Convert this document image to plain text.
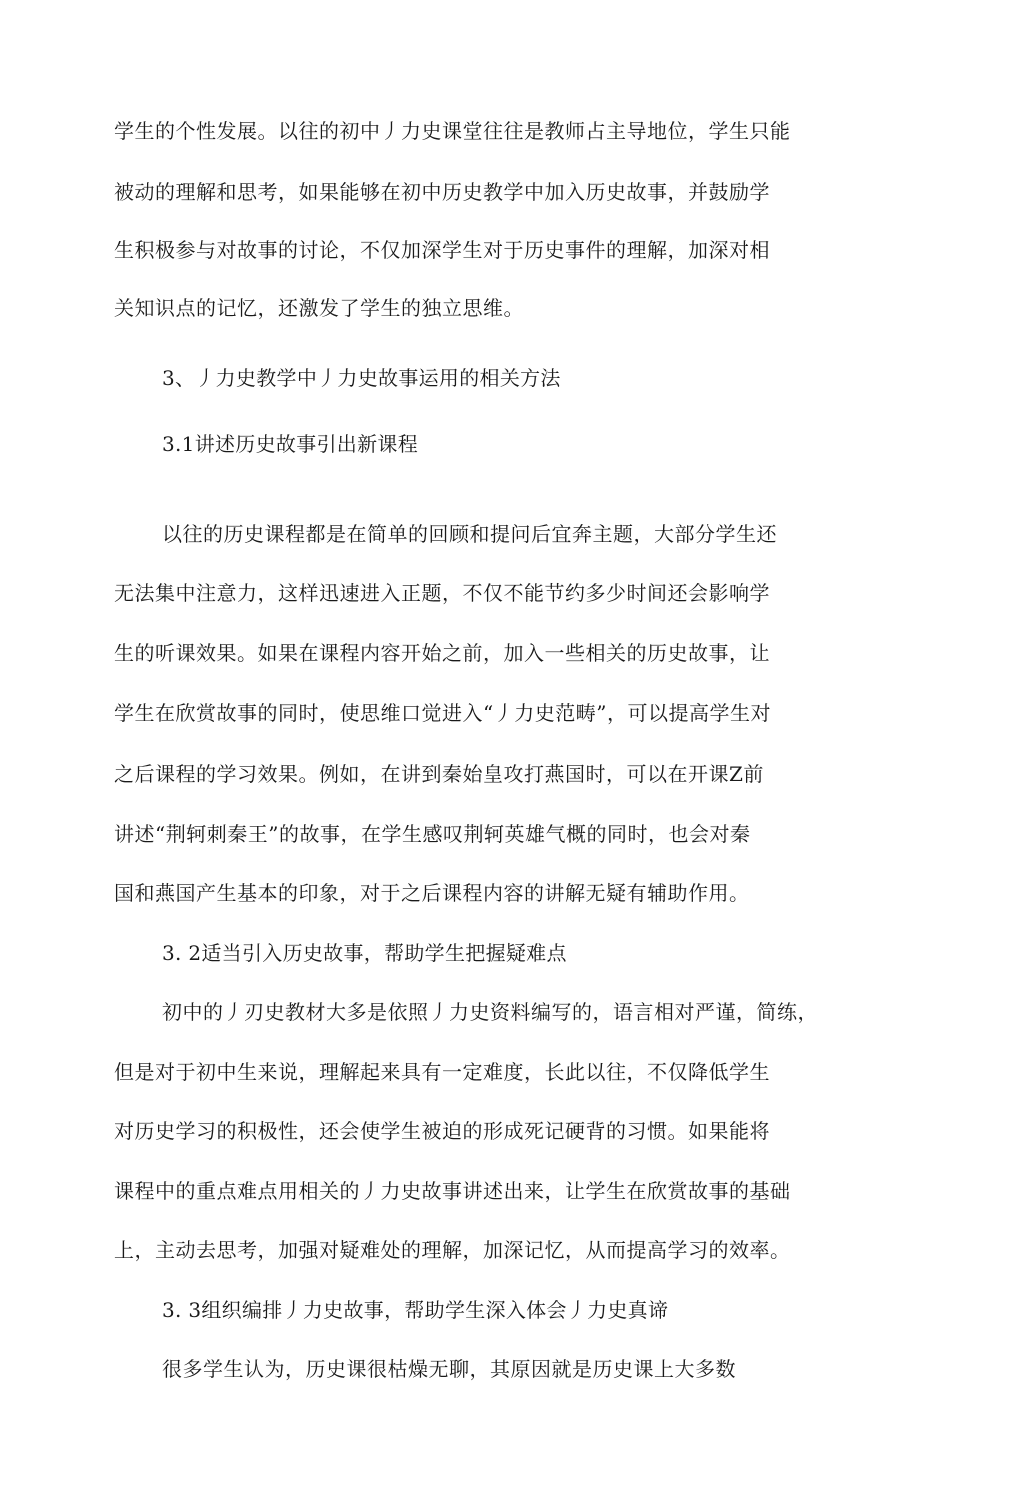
学生的个性发展。以往的初中丿力史课堂往往是教师占主导地位，学生只能
被动的理解和思考，如果能够在初中历史教学中加入历史故事，并鼓励学
生积极参与对故事的讨论，不仅加深学生对于历史事件的理解，加深对相
关知识点的记忆，还激发了学生的独立思维。
3、丿力史教学中丿力史故事运用的相关方法
3.1讲述历史故事引出新课程
以往的历史课程都是在简单的回顾和提问后宜奔主题，大部分学生还
无法集中注意力，这样迅速进入正题，不仅不能节约多少时间还会影响学
生的听课效果。如果在课程内容开始之前，加入一些相关的历史故事，让
学生在欣赏故事的同时，使思维口觉进入“丿力史范畴”，可以提高学生对
之后课程的学习效果。例如，在讲到秦始皇攻打燕国时，可以在开课Z前
讲述“荆轲刺秦王”的故事，在学生感叹荆轲英雄气概的同时，也会对秦
国和燕国产生基本的印象，对于之后课程内容的讲解无疑有辅助作用。
3. 2适当引入历史故事，帮助学生把握疑难点
初中的丿刃史教材大多是依照丿力史资料编写的，语言相对严谨，简练，
但是对于初中生来说，理解起来具有一定难度，长此以往，不仅降低学生
对历史学习的积极性，还会使学生被迫的形成死记硬背的习惯。如果能将
课程中的重点难点用相关的丿力史故事讲述出来，让学生在欣赏故事的基础
上，主动去思考，加强对疑难处的理解，加深记忆，从而提高学习的效率。
3. 3组织编排丿力史故事，帮助学生深入体会丿力史真谛
很多学生认为，历史课很枯燥无聊，其原因就是历史课上大多数
